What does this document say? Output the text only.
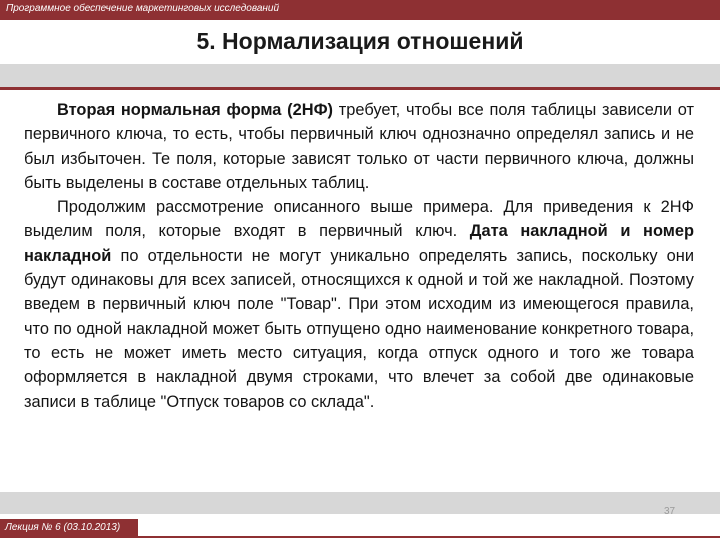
Программное обеспечение маркетинговых исследований
5. Нормализация отношений

Вторая нормальная форма (2НФ) требует, чтобы все поля таблицы зависели от первичного ключа, то есть, чтобы первичный ключ однозначно определял запись и не был избыточен. Те поля, которые зависят только от части первичного ключа, должны быть выделены в составе отдельных таблиц.

Продолжим рассмотрение описанного выше примера. Для приведения к 2НФ выделим поля, которые входят в первичный ключ. Дата накладной и номер накладной по отдельности не могут уникально определять запись, поскольку они будут одинаковы для всех записей, относящихся к одной и той же накладной. Поэтому введем в первичный ключ поле "Товар". При этом исходим из имеющегося правила, что по одной накладной может быть отпущено одно наименование конкретного товара, то есть не может иметь место ситуация, когда отпуск одного и того же товара оформляется в накладной двумя строками, что влечет за собой две одинаковые записи в таблице "Отпуск товаров со склада".

37
Лекция № 6 (03.10.2013)
